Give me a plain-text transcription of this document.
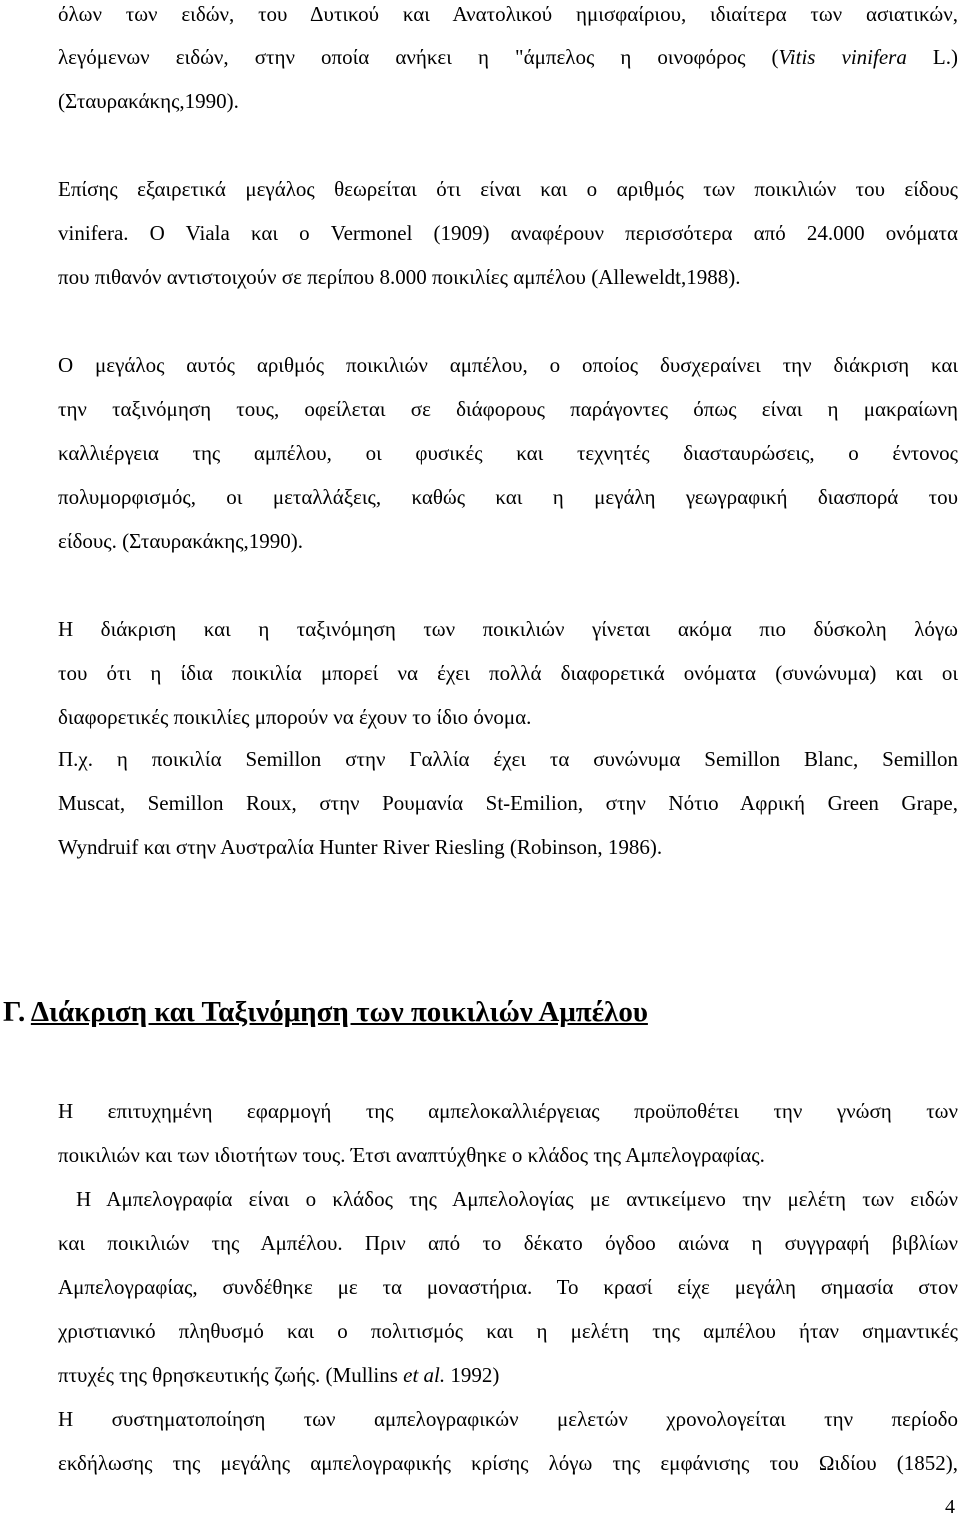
όλων των ειδών, του Δυτικού και Ανατολικού ημισφαίριου, ιδιαίτερα των ασιατικών,
λεγόμενων ειδών, στην οποία ανήκει η "άμπελος η οινοφόρος (Vitis vinifera L.)
(Σταυρακάκης,1990).
Επίσης εξαιρετικά μεγάλος θεωρείται ότι είναι και ο αριθμός των ποικιλιών του είδους
vinifera. O Viala και ο Vermonel (1909) αναφέρουν περισσότερα από 24.000 ονόματα
που πιθανόν αντιστοιχούν σε περίπου 8.000 ποικιλίες αμπέλου (Alleweldt,1988).
Ο μεγάλος αυτός αριθμός ποικιλιών αμπέλου, ο οποίος δυσχεραίνει την διάκριση και
την ταξινόμηση τους, οφείλεται σε διάφορους παράγοντες όπως είναι η μακραίωνη
καλλιέργεια της αμπέλου, οι φυσικές και τεχνητές διασταυρώσεις, ο έντονος
πολυμορφισμός, οι μεταλλάξεις, καθώς και η μεγάλη γεωγραφική διασπορά του
είδους. (Σταυρακάκης,1990).
Η διάκριση και η ταξινόμηση των ποικιλιών γίνεται ακόμα πιο δύσκολη λόγω
του ότι η ίδια ποικιλία μπορεί να έχει πολλά διαφορετικά ονόματα (συνώνυμα) και οι
διαφορετικές ποικιλίες μπορούν να έχουν το ίδιο όνομα.
Π.χ. η ποικιλία Semillon στην Γαλλία έχει τα συνώνυμα Semillon Blanc, Semillon
Muscat, Semillon Roux, στην Ρουμανία St-Emilion, στην Νότιο Αφρική Green Grape,
Wyndruif και στην Αυστραλία Hunter River Riesling (Robinson, 1986).
Γ. Διάκριση και Ταξινόμηση των ποικιλιών Αμπέλου
Η επιτυχημένη εφαρμογή της αμπελοκαλλιέργειας προϋποθέτει την γνώση των
ποικιλιών και των ιδιοτήτων τους. Έτσι αναπτύχθηκε ο κλάδος της Αμπελογραφίας.
Η Αμπελογραφία είναι ο κλάδος της Αμπελολογίας με αντικείμενο την μελέτη των ειδών
και ποικιλιών της Αμπέλου. Πριν από το δέκατο όγδοο αιώνα η συγγραφή βιβλίων
Αμπελογραφίας, συνδέθηκε με τα μοναστήρια. Το κρασί είχε μεγάλη σημασία στον
χριστιανικό πληθυσμό και ο πολιτισμός και η μελέτη της αμπέλου ήταν σημαντικές
πτυχές της θρησκευτικής ζωής. (Mullins et al. 1992)
Η συστηματοποίηση των αμπελογραφικών μελετών χρονολογείται την περίοδο
εκδήλωσης της μεγάλης αμπελογραφικής κρίσης λόγω της εμφάνισης του Ωιδίου (1852),
4
